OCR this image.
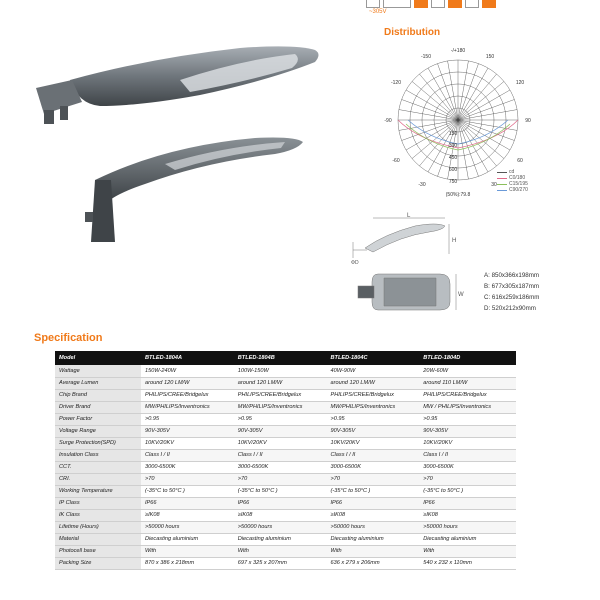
~305V
Distribution
-/+180
-150	150
-120	120
-90	90
-60	60
-30	30
150
300
450
600
750
(50%):79.8
cd
C0/180
C15/195
C90/270
L
H
ΦD
W
A: 850x366x198mm
B: 677x305x187mm
C: 616x259x186mm
D: 520x212x90mm
Specification
Model	BTLED-1804A	BTLED-1804B	BTLED-1804C	BTLED-1804D
Wattage	150W-240W	100W-150W	40W-90W	20W-60W
Average Lumen	around 120 LM/W	around 120 LM/W	around 120 LM/W	around 110 LM/W
Chip Brand	PHILIPS/CREE/Bridgelux	PHILIPS/CREE/Bridgelux	PHILIPS/CREE/Bridgelux	PHILIPS/CREE/Bridgelux
Driver Brand	MW/PHILIPS/Inventronics	MW/PHILIPS/Inventronics	MW/PHILIPS/Inventronics	MW / PHILIPS/Inventronics
Power Factor	>0.95	>0.95	>0.95	>0.95
Voltage Range	90V-305V	90V-305V	90V-305V	90V-305V
Surge Protection(SPD)	10KV/20KV	10KV/20KV	10KV/20KV	10KV/20KV
Insulation Class	Class I / II	Class I / II	Class I / II	Class I / II
CCT.	3000-6500K	3000-6500K	3000-6500K	3000-6500K
CRI.	>70	>70	>70	>70
Working Temperature	(-35°C to 50°C )	(-35°C to 50°C )	(-35°C to 50°C )	(-35°C to 50°C )
IP Class	IP66	IP66	IP66	IP66
IK Class	≥IK08	≥IK08	≥IK08	≥IK08
Lifetime (Hours)	>50000 hours	>50000 hours	>50000 hours	>50000 hours
Material	Diecasting aluminium	Diecasting aluminium	Diecasting aluminium	Diecasting aluminium
Photocell base	With	With	With	With
Packing Size	870 x 386 x 218mm	697 x 325 x 207mm	636 x 279 x 206mm	540 x 232 x 110mm
